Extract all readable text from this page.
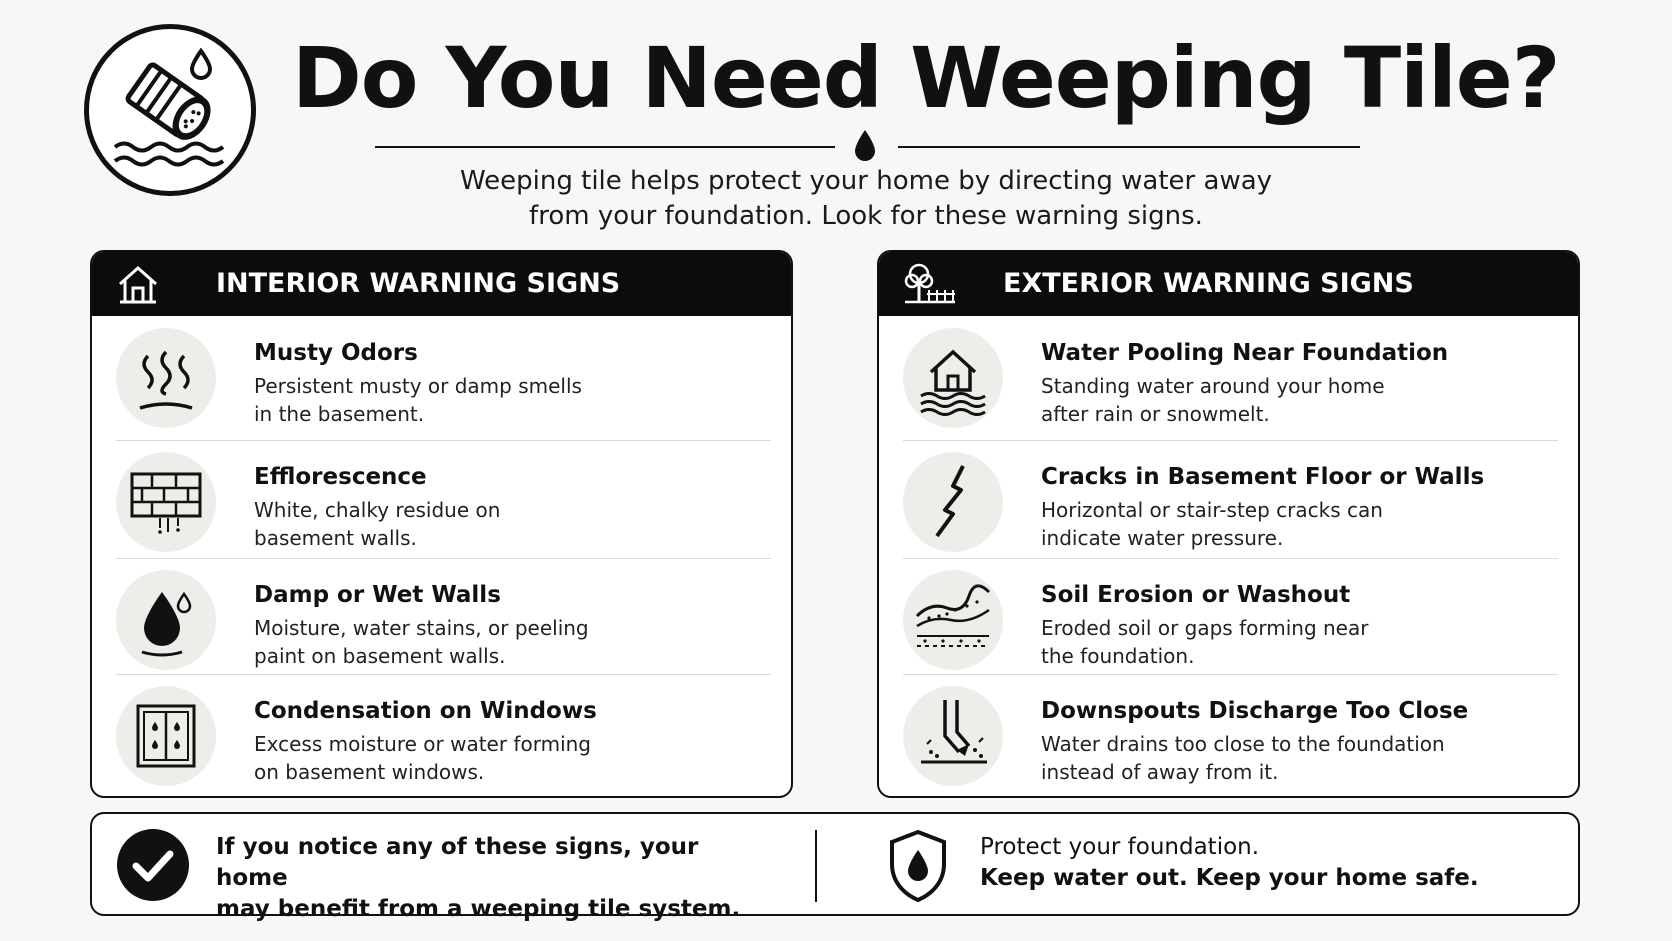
Do You Need Weeping Tile?
Weeping tile helps protect your home by directing water away
from your foundation. Look for these warning signs.
INTERIOR WARNING SIGNS
Musty Odors
Persistent musty or damp smells
in the basement.
Efflorescence
White, chalky residue on
basement walls.
Damp or Wet Walls
Moisture, water stains, or peeling
paint on basement walls.
Condensation on Windows
Excess moisture or water forming
on basement windows.
EXTERIOR WARNING SIGNS
Water Pooling Near Foundation
Standing water around your home
after rain or snowmelt.
Cracks in Basement Floor or Walls
Horizontal or stair-step cracks can
indicate water pressure.
Soil Erosion or Washout
Eroded soil or gaps forming near
the foundation.
Downspouts Discharge Too Close
Water drains too close to the foundation
instead of away from it.
If you notice any of these signs, your home
may benefit from a weeping tile system.
Protect your foundation.
Keep water out. Keep your home safe.
